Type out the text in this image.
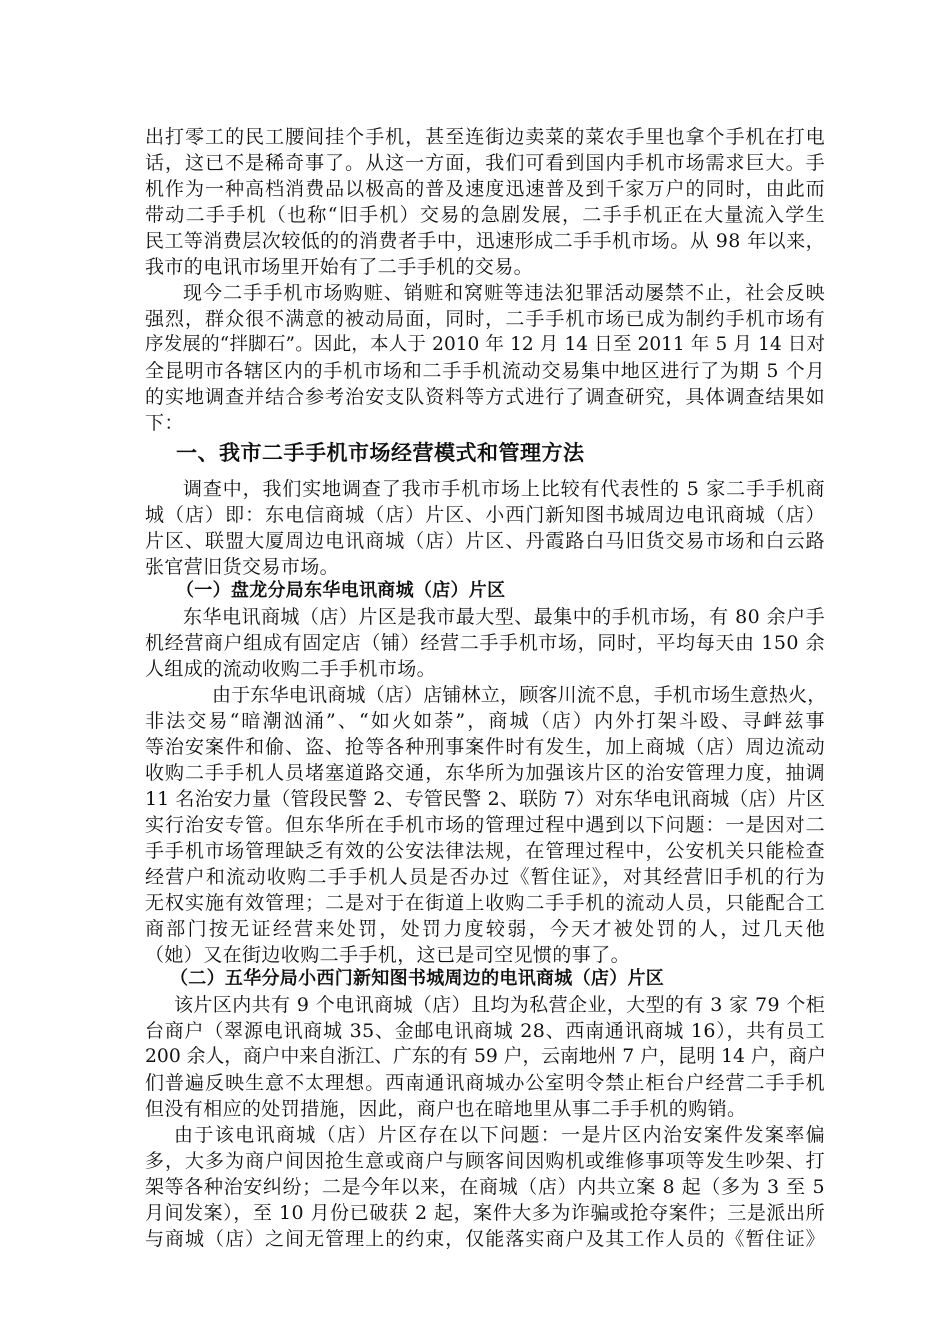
出打零工的民工腰间挂个手机，甚至连街边卖菜的菜农手里也拿个手机在打电
话，这已不是稀奇事了。从这一方面，我们可看到国内手机市场需求巨大。手
机作为一种高档消费品以极高的普及速度迅速普及到千家万户的同时，由此而
带动二手手机（也称“旧手机）交易的急剧发展，二手手机正在大量流入学生
民工等消费层次较低的的消费者手中，迅速形成二手手机市场。从 98 年以来，
我市的电讯市场里开始有了二手手机的交易。
现今二手手机市场购赃、销赃和窝赃等违法犯罪活动屡禁不止，社会反映
强烈，群众很不满意的被动局面，同时，二手手机市场已成为制约手机市场有
序发展的“拌脚石”。因此，本人于 2010 年 12 月 14 日至 2011 年 5 月 14 日对
全昆明市各辖区内的手机市场和二手手机流动交易集中地区进行了为期 5 个月
的实地调查并结合参考治安支队资料等方式进行了调查研究，具体调查结果如
下：
一、我市二手手机市场经营模式和管理方法
调查中，我们实地调查了我市手机市场上比较有代表性的 5 家二手手机商
城（店）即：东电信商城（店）片区、小西门新知图书城周边电讯商城（店）
片区、联盟大厦周边电讯商城（店）片区、丹霞路白马旧货交易市场和白云路
张官营旧货交易市场。
（一）盘龙分局东华电讯商城（店）片区
东华电讯商城（店）片区是我市最大型、最集中的手机市场，有 80 余户手
机经营商户组成有固定店（铺）经营二手手机市场，同时，平均每天由 150 余
人组成的流动收购二手手机市场。
由于东华电讯商城（店）店铺林立，顾客川流不息，手机市场生意热火，
非法交易“暗潮汹涌”、“如火如荼”，商城（店）内外打架斗殴、寻衅兹事
等治安案件和偷、盗、抢等各种刑事案件时有发生，加上商城（店）周边流动
收购二手手机人员堵塞道路交通，东华所为加强该片区的治安管理力度，抽调
11 名治安力量（管段民警 2、专管民警 2、联防 7）对东华电讯商城（店）片区
实行治安专管。但东华所在手机市场的管理过程中遇到以下问题：一是因对二
手手机市场管理缺乏有效的公安法律法规，在管理过程中，公安机关只能检查
经营户和流动收购二手手机人员是否办过《暂住证》，对其经营旧手机的行为
无权实施有效管理；二是对于在街道上收购二手手机的流动人员，只能配合工
商部门按无证经营来处罚，处罚力度较弱，今天才被处罚的人，过几天他
（她）又在街边收购二手手机，这已是司空见惯的事了。
（二）五华分局小西门新知图书城周边的电讯商城（店）片区
该片区内共有 9 个电讯商城（店）且均为私营企业，大型的有 3 家 79 个柜
台商户（翠源电讯商城 35、金邮电讯商城 28、西南通讯商城 16），共有员工
200 余人，商户中来自浙江、广东的有 59 户，云南地州 7 户，昆明 14 户，商户
们普遍反映生意不太理想。西南通讯商城办公室明令禁止柜台户经营二手手机
但没有相应的处罚措施，因此，商户也在暗地里从事二手手机的购销。
由于该电讯商城（店）片区存在以下问题：一是片区内治安案件发案率偏
多，大多为商户间因抢生意或商户与顾客间因购机或维修事项等发生吵架、打
架等各种治安纠纷；二是今年以来，在商城（店）内共立案 8 起（多为 3 至 5
月间发案），至 10 月份已破获 2 起，案件大多为诈骗或抢夺案件；三是派出所
与商城（店）之间无管理上的约束，仅能落实商户及其工作人员的《暂住证》
